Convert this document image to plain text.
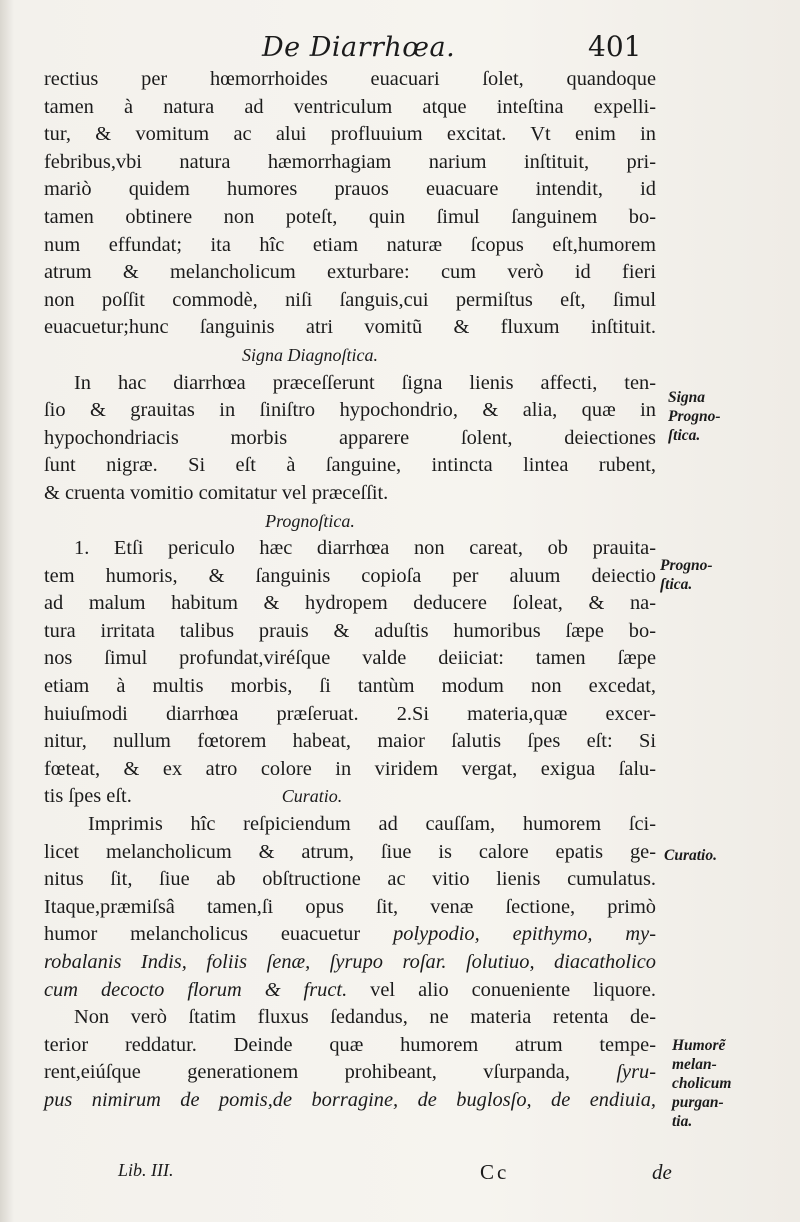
De Diarrhœa.	401
rectius per hœmorrhoides euacuari ſolet, quandoque
tamen à natura ad ventriculum atque inteſtina expelli-
tur, & vomitum ac alui profluuium excitat. Vt enim in
febribus,vbi natura hæmorrhagiam narium inſtituit, pri-
mariò quidem humores prauos euacuare intendit, id
tamen obtinere non poteſt, quin ſimul ſanguinem bo-
num effundat; ita hîc etiam naturæ ſcopus eſt,humorem
atrum & melancholicum exturbare: cum verò id fieri
non poſſit commodè, niſi ſanguis,cui permiſtus eſt, ſimul
euacuetur;hunc ſanguinis atri vomitũ & fluxum inſtituit.
Signa Diagnoſtica.
In hac diarrhœa præceſſerunt ſigna lienis affecti, ten-
ſio & grauitas in ſiniſtro hypochondrio, & alia, quæ in
hypochondriacis morbis apparere ſolent, deiectiones
ſunt nigræ. Si eſt à ſanguine, intincta lintea rubent,
& cruenta vomitio comitatur vel præceſſit.
Prognoſtica.
1. Etſi periculo hæc diarrhœa non careat, ob prauita-
tem humoris, & ſanguinis copioſa per aluum deiectio
ad malum habitum & hydropem deducere ſoleat, & na-
tura irritata talibus prauis & aduſtis humoribus ſæpe bo-
nos ſimul profundat,viréſque valde deiiciat: tamen ſæpe
etiam à multis morbis, ſi tantùm modum non excedat,
huiuſmodi diarrhœa præſeruat. 2.Si materia,quæ excer-
nitur, nullum fœtorem habeat, maior ſalutis ſpes eſt: Si
fœteat, & ex atro colore in viridem vergat, exigua ſalu-
tis ſpes eſt.	Curatio.
Imprimis hîc reſpiciendum ad cauſſam, humorem ſci-
licet melancholicum & atrum, ſiue is calore epatis ge-
nitus ſit, ſiue ab obſtructione ac vitio lienis cumulatus.
Itaque,præmiſsâ tamen,ſi opus ſit, venæ ſectione, primò
humor melancholicus euacuetur polypodio, epithymo, my-
robalanis Indis, foliis ſenæ, ſyrupo roſar. ſolutiuo, diacatholico
cum decocto florum & fruct. vel alio conueniente liquore.
Non verò ſtatim fluxus ſedandus, ne materia retenta de-
terior reddatur. Deinde quæ humorem atrum tempe-
rent,eiúſque generationem prohibeant, vſurpanda, ſyru-
pus nimirum de pomis,de borragine, de buglosſo, de endiuia,
Signa
Progno-
ſtica.
Progno-
ſtica.
Curatio.
Humorẽ
melan-
cholicum
purgan-
tia.
Lib. III.	Cc	de
